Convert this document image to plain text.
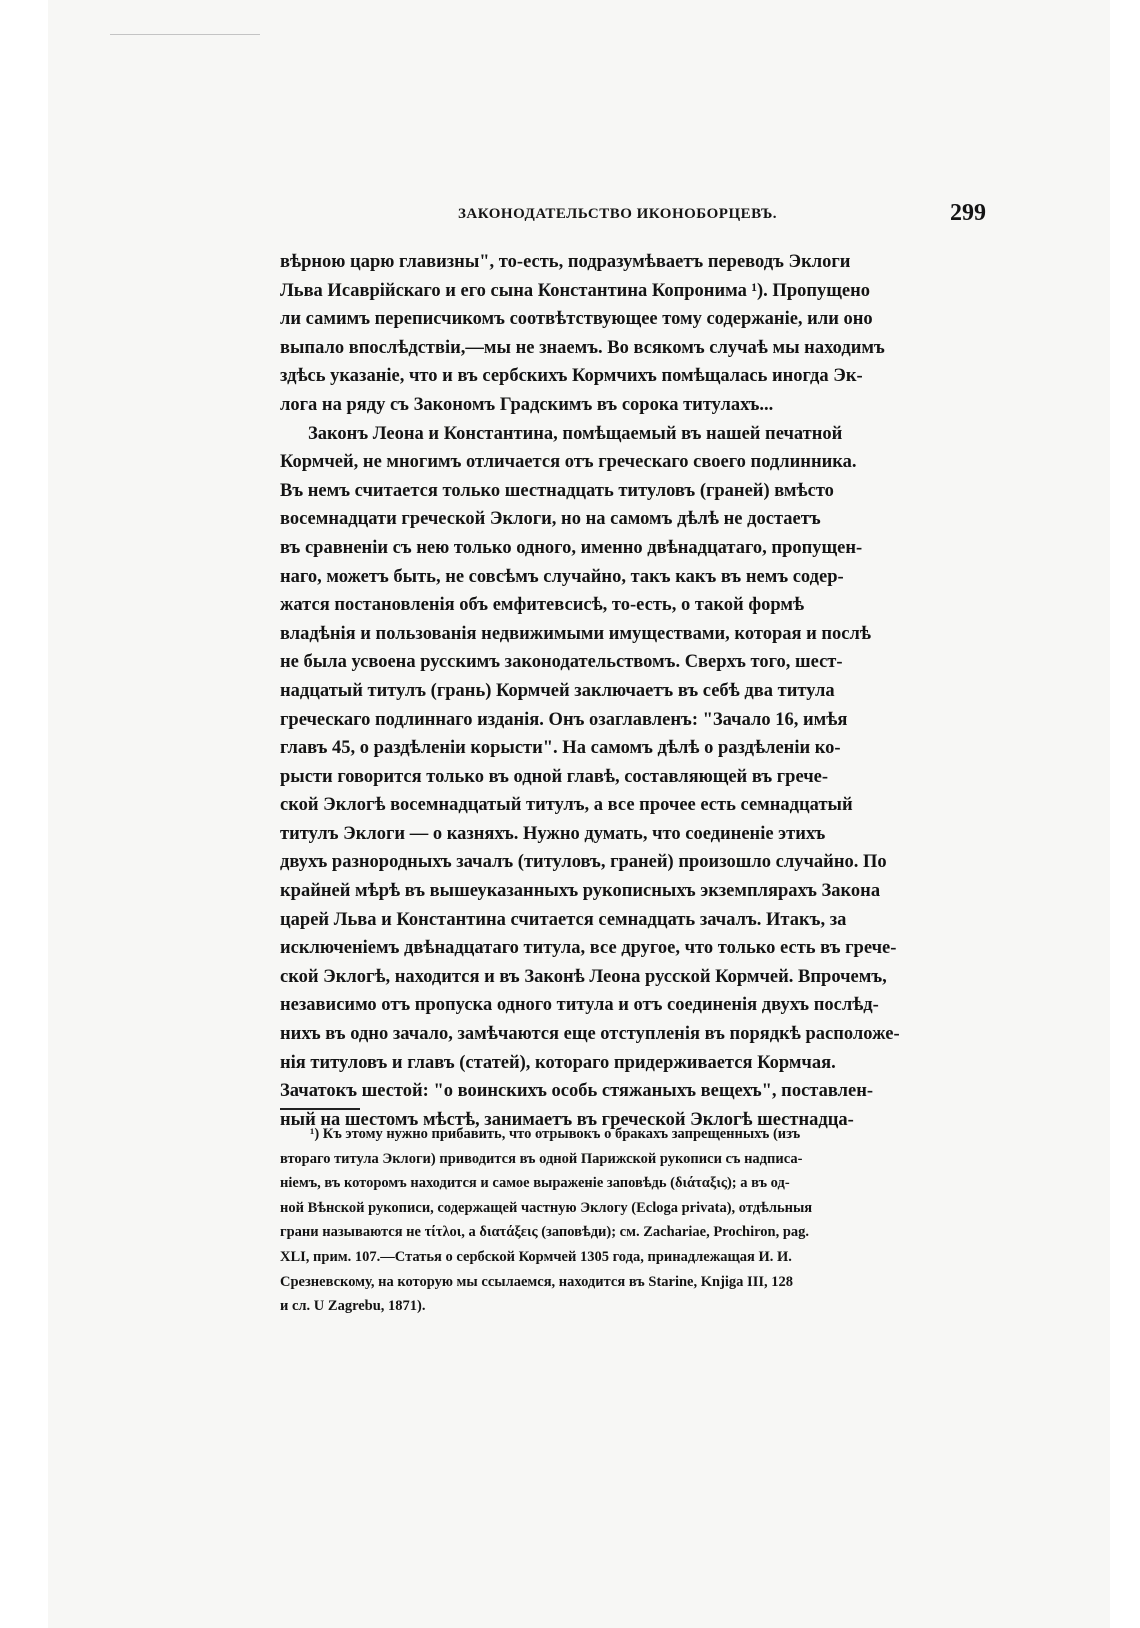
ЗАКОНОДАТЕЛЬСТВО ИКОНОБОРЦЕВЪ.	299

вѣрною царю главизны", то-есть, подразумѣваетъ переводъ Эклоги
Льва Исаврійскаго и его сына Константина Копронима ¹). Пропущено
ли самимъ переписчикомъ соотвѣтствующее тому содержаніе, или оно
выпало впослѣдствіи,—мы не знаемъ. Во всякомъ случаѣ мы находимъ
здѣсь указаніе, что и въ сербскихъ Кормчихъ помѣщалась иногда Эк-
лога на ряду съ Закономъ Градскимъ въ сорока титулахъ...
Законъ Леона и Константина, помѣщаемый въ нашей печатной
Кормчей, не многимъ отличается отъ греческаго своего подлинника.
Въ немъ считается только шестнадцать титуловъ (граней) вмѣсто
восемнадцати греческой Эклоги, но на самомъ дѣлѣ не достаетъ
въ сравненіи съ нею только одного, именно двѣнадцатаго, пропущен-
наго, можетъ быть, не совсѣмъ случайно, такъ какъ въ немъ содер-
жатся постановленія объ емфитевсисѣ, то-есть, о такой формѣ
владѣнія и пользованія недвижимыми имуществами, которая и послѣ
не была усвоена русскимъ законодательствомъ. Сверхъ того, шест-
надцатый титулъ (грань) Кормчей заключаетъ въ себѣ два титула
греческаго подлиннаго изданія. Онъ озаглавленъ: "Зачало 16, имѣя
главъ 45, о раздѣленіи корысти". На самомъ дѣлѣ о раздѣленіи ко-
рысти говорится только въ одной главѣ, составляющей въ грече-
ской Эклогѣ восемнадцатый титулъ, а все прочее есть семнадцатый
титулъ Эклоги — о казняхъ. Нужно думать, что соединеніе этихъ
двухъ разнородныхъ зачалъ (титуловъ, граней) произошло случайно. По
крайней мѣрѣ въ вышеуказанныхъ рукописныхъ экземплярахъ Закона
царей Льва и Константина считается семнадцать зачалъ. Итакъ, за
исключеніемъ двѣнадцатаго титула, все другое, что только есть въ грече-
ской Эклогѣ, находится и въ Законѣ Леона русской Кормчей. Впрочемъ,
независимо отъ пропуска одного титула и отъ соединенія двухъ послѣд-
нихъ въ одно зачало, замѣчаются еще отступленія въ порядкѣ расположе-
нія титуловъ и главъ (статей), котораго придерживается Кормчая.
Зачатокъ шестой: "о воинскихъ особь стяжаныхъ вещехъ", поставлен-
ный на шестомъ мѣстѣ, занимаетъ въ греческой Эклогѣ шестнадца-

¹) Къ этому нужно прибавить, что отрывокъ о бракахъ запрещенныхъ (изъ
втораго титула Эклоги) приводится въ одной Парижской рукописи съ надписа-
ніемъ, въ которомъ находится и самое выраженіе заповѣдь (διάταξις); а въ од-
ной Вѣнской рукописи, содержащей частную Эклогу (Ecloga privata), отдѣльныя
грани называются не τίτλοι, а διατάξεις (заповѣди); см. Zachariae, Prochiron, pag.
XLI, прим. 107.—Статья о сербской Кормчей 1305 года, принадлежащая И. И.
Срезневскому, на которую мы ссылаемся, находится въ Starine, Knjiga III, 128
и сл. U Zagrebu, 1871).
